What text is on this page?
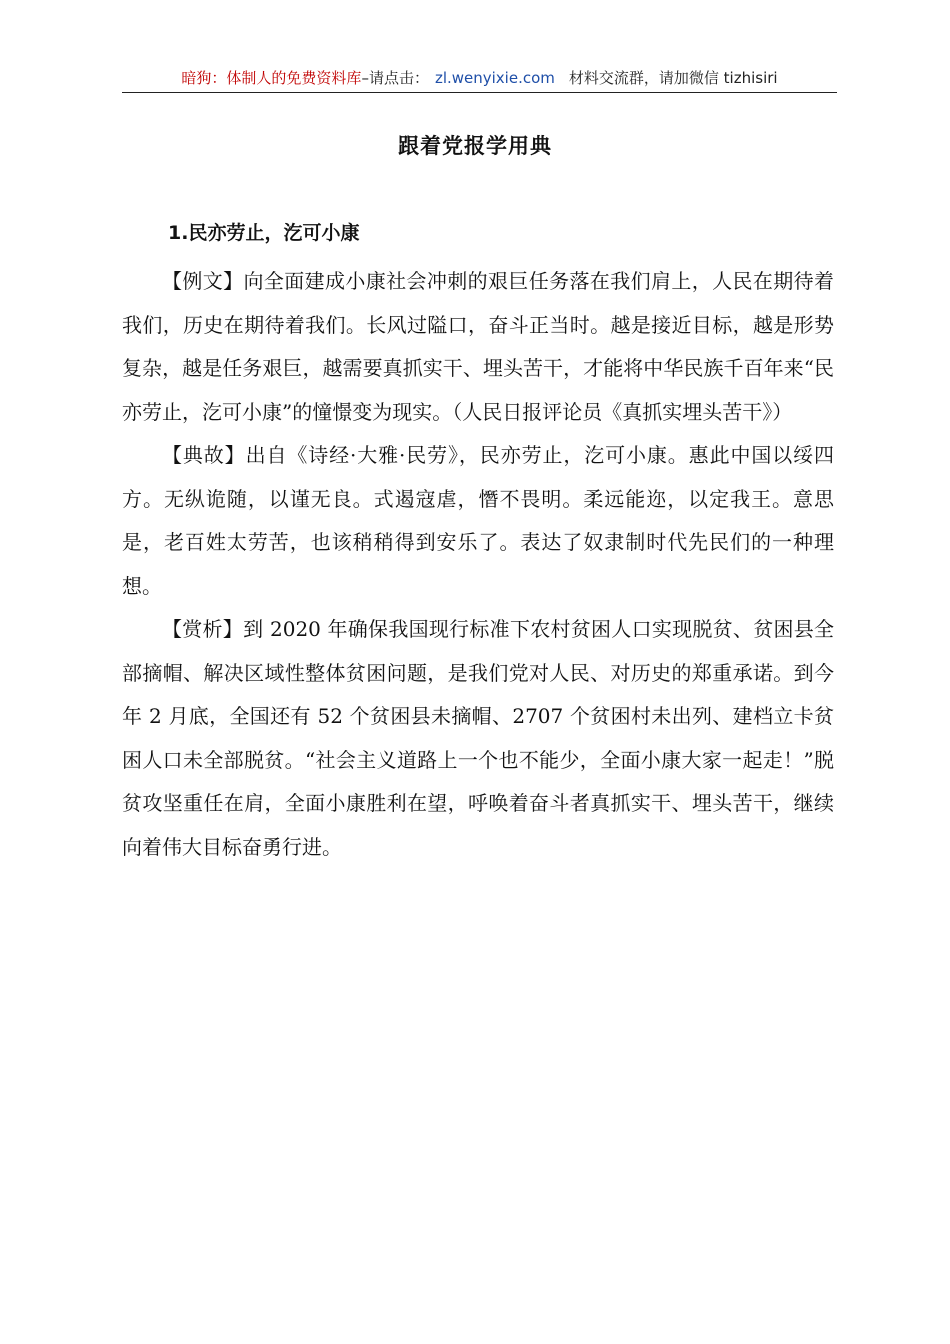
暗狗：体制人的免费资料库–请点击： zl.wenyixie.com 材料交流群，请加微信 tizhisiri
跟着党报学用典
1.民亦劳止，汔可小康

【例文】向全面建成小康社会冲刺的艰巨任务落在我们肩上，人民在期待着我们，历史在期待着我们。长风过隘口，奋斗正当时。越是接近目标，越是形势复杂，越是任务艰巨，越需要真抓实干、埋头苦干，才能将中华民族千百年来“民亦劳止，汔可小康”的憧憬变为现实。（人民日报评论员《真抓实埋头苦干》）

【典故】出自《诗经·大雅·民劳》，民亦劳止，汔可小康。惠此中国以绥四方。无纵诡随，以谨无良。式遏寇虐，憯不畏明。柔远能迩，以定我王。意思是，老百姓太劳苦，也该稍稍得到安乐了。表达了奴隶制时代先民们的一种理想。

【赏析】到 2020 年确保我国现行标准下农村贫困人口实现脱贫、贫困县全部摘帽、解决区域性整体贫困问题，是我们党对人民、对历史的郑重承诺。到今年 2 月底，全国还有 52 个贫困县未摘帽、2707 个贫困村未出列、建档立卡贫困人口未全部脱贫。“社会主义道路上一个也不能少，全面小康大家一起走！”脱贫攻坚重任在肩，全面小康胜利在望，呼唤着奋斗者真抓实干、埋头苦干，继续向着伟大目标奋勇行进。
